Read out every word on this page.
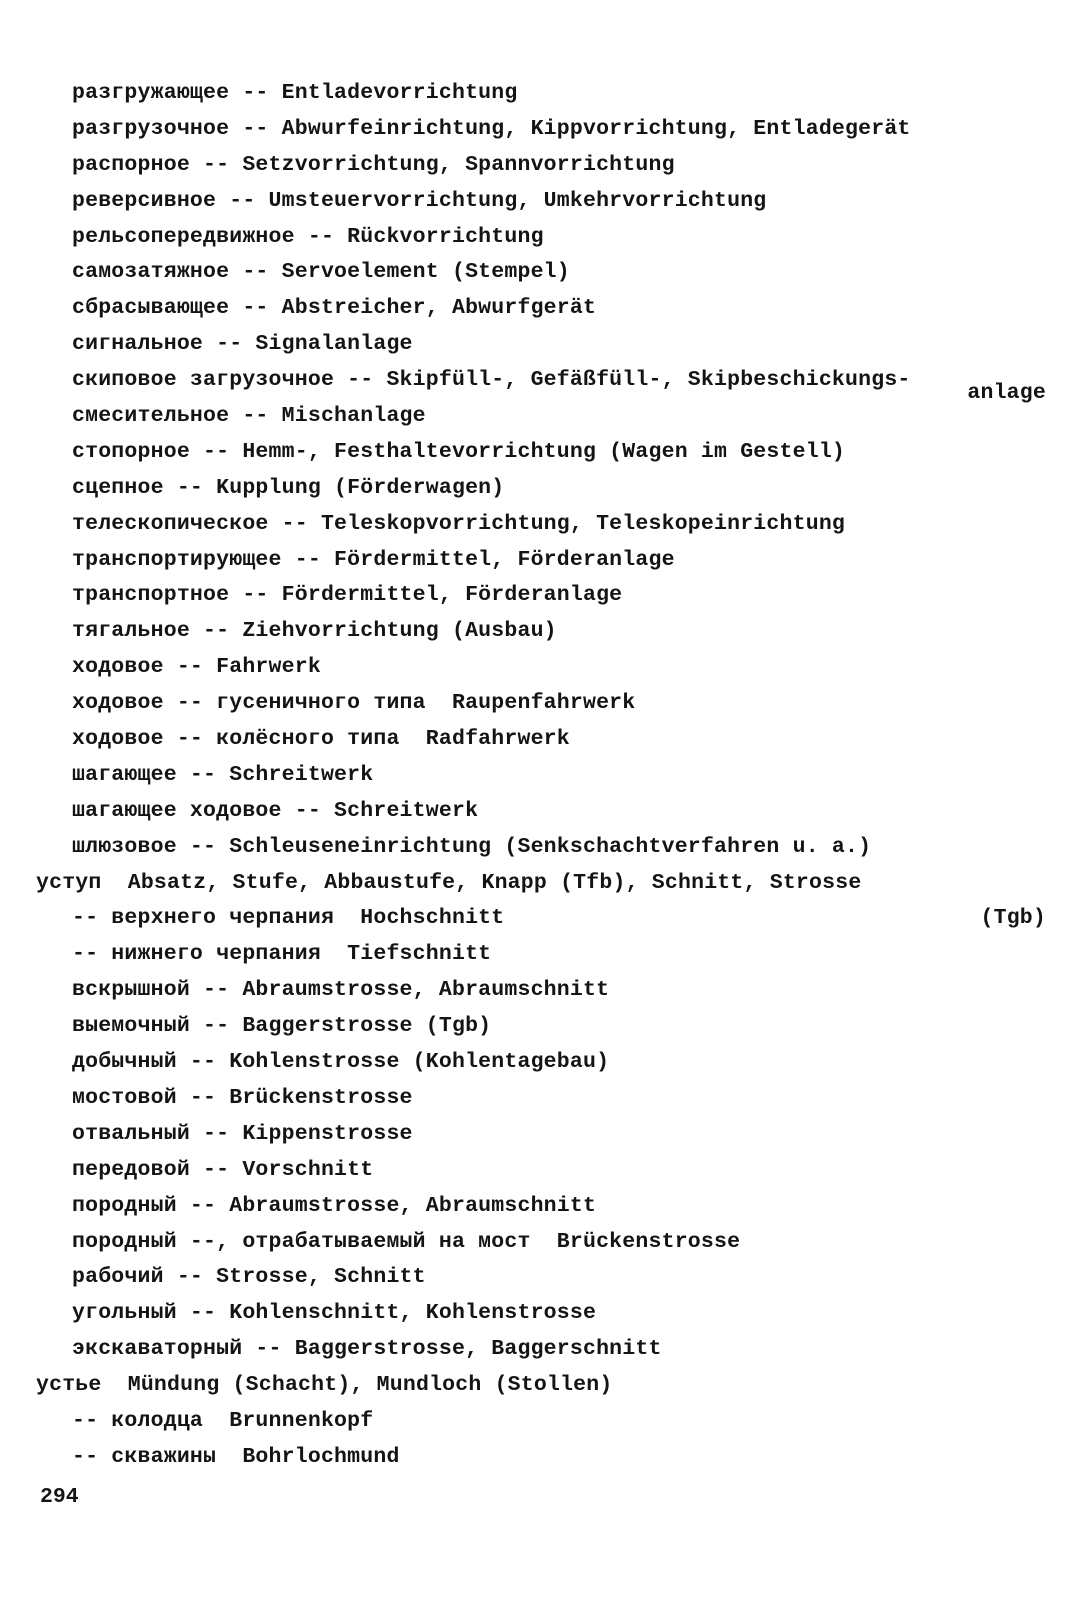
разгружающее -- Entladevorrichtung
разгрузочное -- Abwurfeinrichtung, Kippvorrichtung, Entladegerät
распорное -- Setzvorrichtung, Spannvorrichtung
реверсивное -- Umsteuervorrichtung, Umkehrvorrichtung
рельсопередвижное -- Rückvorrichtung
самозатяжное -- Servoelement (Stempel)
сбрасывающее -- Abstreicher, Abwurfgerät
сигнальное -- Signalanlage
скиповое загрузочное -- Skipfüll-, Gefäßfüll-, Skipbeschickungs-
смесительное -- Mischanlage
anlage
стопорное -- Hemm-, Festhaltevorrichtung (Wagen im Gestell)
сцепное -- Kupplung (Förderwagen)
телескопическое -- Teleskopvorrichtung, Teleskopeinrichtung
транспортирующее -- Fördermittel, Förderanlage
транспортное -- Fördermittel, Förderanlage
тягальное -- Ziehvorrichtung (Ausbau)
ходовое -- Fahrwerk
ходовое -- гусеничного типа  Raupenfahrwerk
ходовое -- колёсного типа  Radfahrwerk
шагающее -- Schreitwerk
шагающее ходовое -- Schreitwerk
шлюзовое -- Schleuseneinrichtung (Senkschachtverfahren u. a.)
уступ  Absatz, Stufe, Abbaustufe, Knapp (Tfb), Schnitt, Strosse
-- верхнего черпания  Hochschnitt	(Tgb)
-- нижнего черпания  Tiefschnitt
вскрышной -- Abraumstrosse, Abraumschnitt
выемочный -- Baggerstrosse (Tgb)
добычный -- Kohlenstrosse (Kohlentagebau)
мостовой -- Brückenstrosse
отвальный -- Kippenstrosse
передовой -- Vorschnitt
породный -- Abraumstrosse, Abraumschnitt
породный --, отрабатываемый на мост  Brückenstrosse
рабочий -- Strosse, Schnitt
угольный -- Kohlenschnitt, Kohlenstrosse
экскаваторный -- Baggerstrosse, Baggerschnitt
устье  Mündung (Schacht), Mundloch (Stollen)
-- колодца  Brunnenkopf
-- скважины  Bohrlochmund
294
